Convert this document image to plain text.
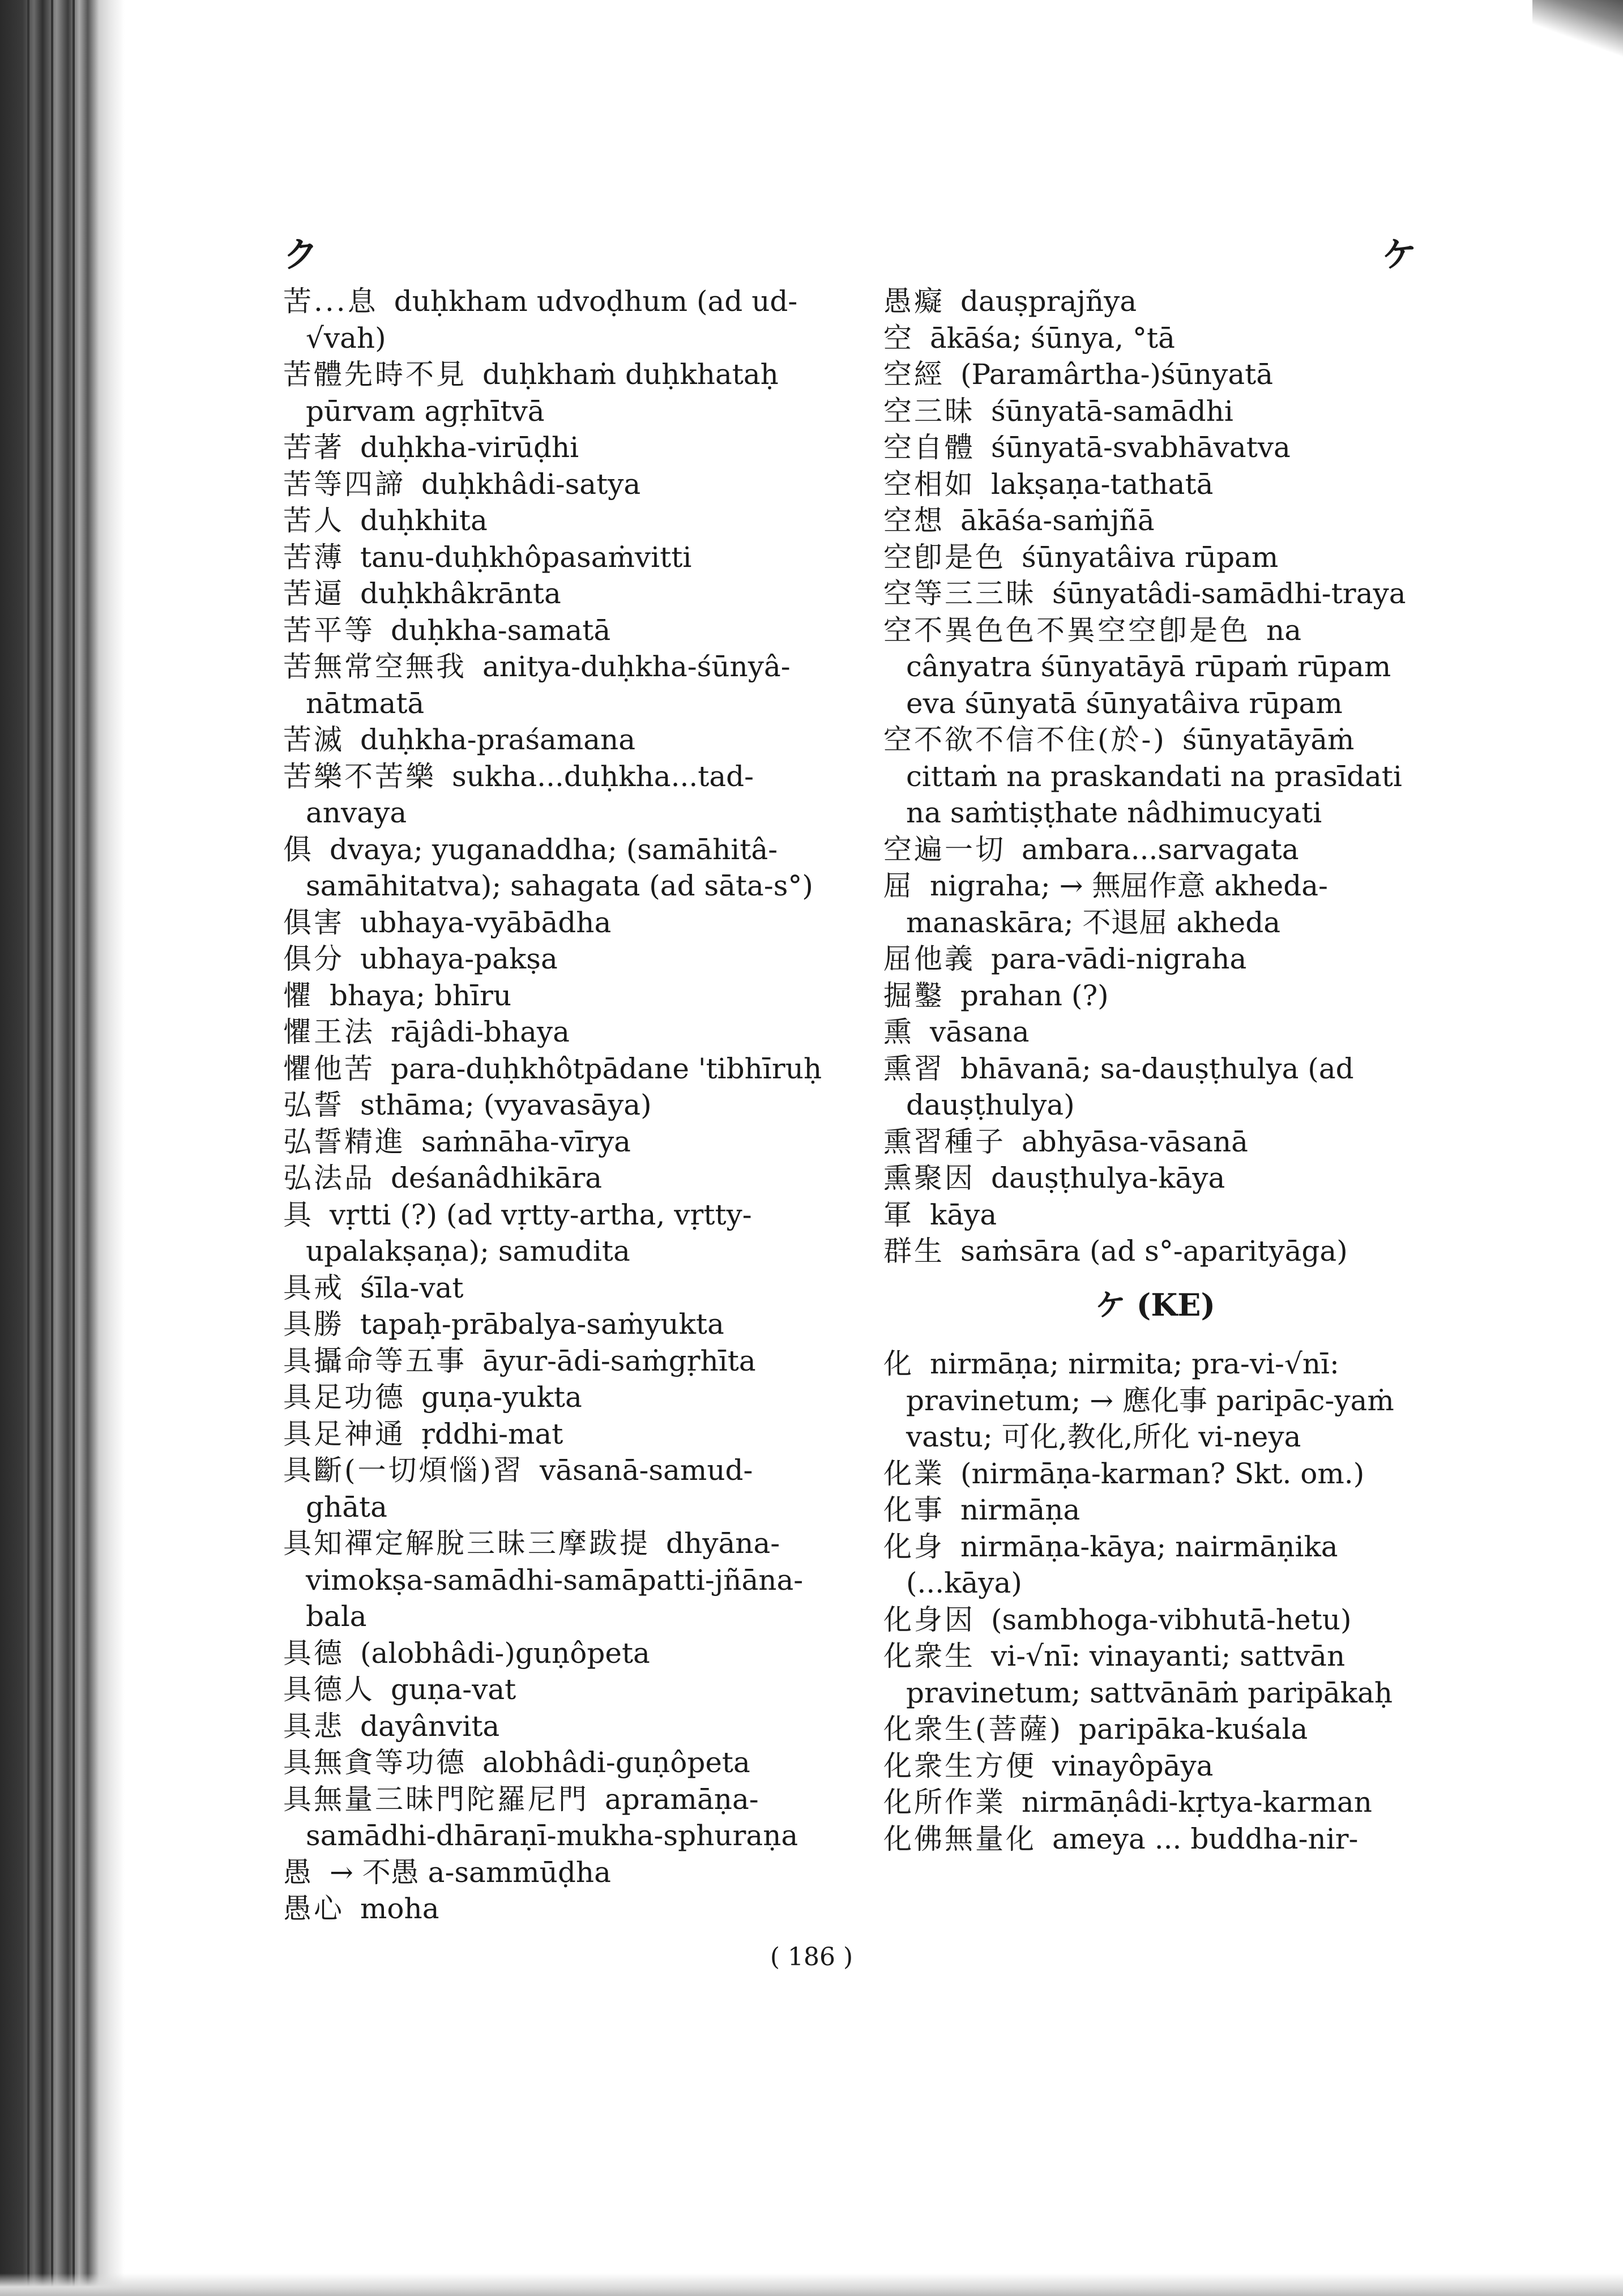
ク	ケ
苦...息 duḥkham udvoḍhum (ad ud-√vah)
苦體先時不見 duḥkhaṁ duḥkhataḥ pūrvam agṛhītvā
苦著 duḥkha-virūḍhi
苦等四諦 duḥkhâdi-satya
苦人 duḥkhita
苦薄 tanu-duḥkhôpasaṁvitti
苦逼 duḥkhâkrānta
苦平等 duḥkha-samatā
苦無常空無我 anitya-duḥkha-śūnyâ-nātmatā
苦滅 duḥkha-praśamana
苦樂不苦樂 sukha...duḥkha...tad-anvaya
俱 dvaya; yuganaddha; (samāhitâ-samāhitatva); sahagata (ad sāta-s°)
俱害 ubhaya-vyābādha
俱分 ubhaya-pakṣa
懼 bhaya; bhīru
懼王法 rājâdi-bhaya
懼他苦 para-duḥkhôtpādane 'tibhīruḥ
弘誓 sthāma; (vyavasāya)
弘誓精進 saṁnāha-vīrya
弘法品 deśanâdhikāra
具 vṛtti (?) (ad vṛtty-artha, vṛtty-upalakṣaṇa); samudita
具戒 śīla-vat
具勝 tapaḥ-prābalya-saṁyukta
具攝命等五事 āyur-ādi-saṁgṛhīta
具足功德 guṇa-yukta
具足神通 ṛddhi-mat
具斷(一切煩惱)習 vāsanā-samud-ghāta
具知禪定解脫三昧三摩跋提 dhyāna-vimokṣa-samādhi-samāpatti-jñāna-bala
具德 (alobhâdi-)guṇôpeta
具德人 guṇa-vat
具悲 dayânvita
具無貪等功德 alobhâdi-guṇôpeta
具無量三昧門陀羅尼門 apramāṇa-samādhi-dhāraṇī-mukha-sphuraṇa
愚 → 不愚 a-sammūḍha
愚心 moha
愚癡 dauṣprajñya
空 ākāśa; śūnya, °tā
空經 (Paramârtha-)śūnyatā
空三昧 śūnyatā-samādhi
空自體 śūnyatā-svabhāvatva
空相如 lakṣaṇa-tathatā
空想 ākāśa-saṁjñā
空卽是色 śūnyatâiva rūpam
空等三三昧 śūnyatâdi-samādhi-traya
空不異色色不異空空卽是色 na cânyatra śūnyatāyā rūpaṁ rūpam eva śūnyatā śūnyatâiva rūpam
空不欲不信不住(於-) śūnyatāyāṁ cittaṁ na praskandati na prasīdati na saṁtiṣṭhate nâdhimucyati
空遍一切 ambara...sarvagata
屈 nigraha; → 無屈作意 akheda-manaskāra; 不退屈 akheda
屈他義 para-vādi-nigraha
掘鑿 prahan (?)
熏 vāsana
熏習 bhāvanā; sa-dauṣṭhulya (ad dauṣṭhulya)
熏習種子 abhyāsa-vāsanā
熏聚因 dauṣṭhulya-kāya
軍 kāya
群生 saṁsāra (ad s°-aparityāga)
ケ (KE)
化 nirmāṇa; nirmita; pra-vi-√nī: pravinetum; → 應化事 paripāc-yaṁ vastu; 可化,教化,所化 vi-neya
化業 (nirmāṇa-karman? Skt. om.)
化事 nirmāṇa
化身 nirmāṇa-kāya; nairmāṇika (...kāya)
化身因 (sambhoga-vibhutā-hetu)
化衆生 vi-√nī: vinayanti; sattvān pravinetum; sattvānāṁ paripākaḥ
化衆生(菩薩) paripāka-kuśala
化衆生方便 vinayôpāya
化所作業 nirmāṇâdi-kṛtya-karman
化佛無量化 ameya ... buddha-nir-
( 186 )
